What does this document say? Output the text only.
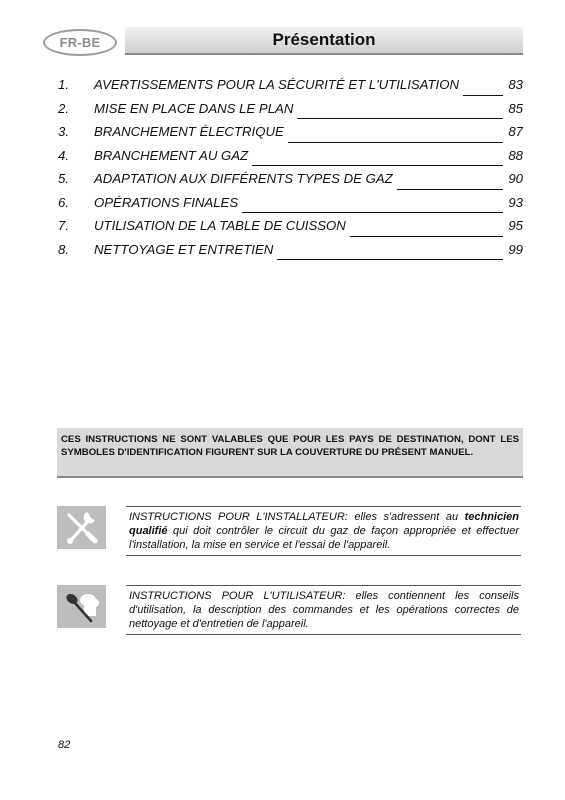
FR-BE	Présentation
1.	AVERTISSEMENTS POUR LA SÉCURITÉ ET L'UTILISATION	83
2.	MISE EN PLACE DANS LE PLAN	85
3.	BRANCHEMENT ÉLECTRIQUE	87
4.	BRANCHEMENT AU GAZ	88
5.	ADAPTATION AUX DIFFÉRENTS TYPES DE GAZ	90
6.	OPÉRATIONS FINALES	93
7.	UTILISATION DE LA TABLE DE CUISSON	95
8.	NETTOYAGE ET ENTRETIEN	99
CES INSTRUCTIONS NE SONT VALABLES QUE POUR LES PAYS DE DESTINATION, DONT LES SYMBOLES D'IDENTIFICATION FIGURENT SUR LA COUVERTURE DU PRÉSENT MANUEL.
INSTRUCTIONS POUR L'INSTALLATEUR: elles s'adressent au technicien qualifié qui doit contrôler le circuit du gaz de façon appropriée et effectuer l'installation, la mise en service et l'essai de l'appareil.
INSTRUCTIONS POUR L'UTILISATEUR: elles contiennent les conseils d'utilisation, la description des commandes et les opérations correctes de nettoyage et d'entretien de l'appareil.
82
